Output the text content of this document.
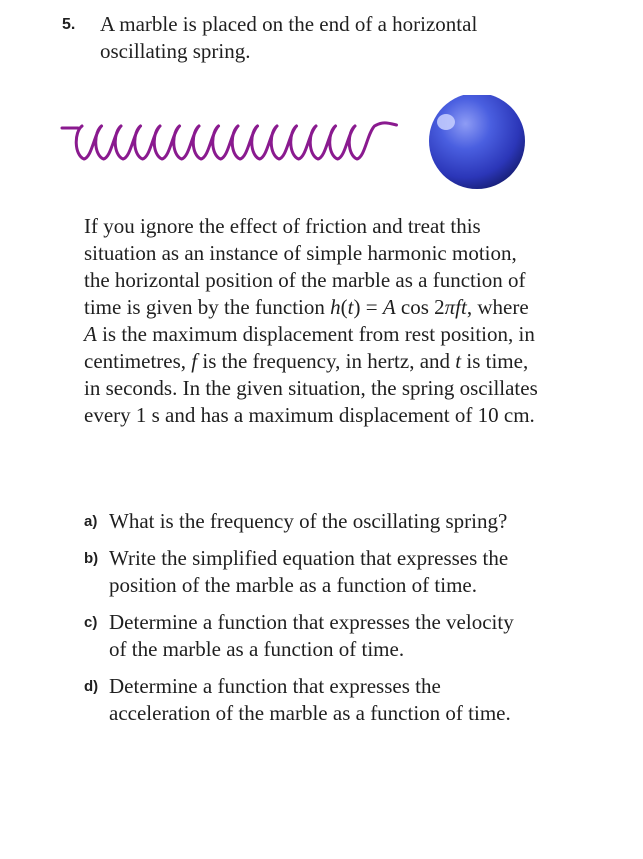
5. A marble is placed on the end of a horizontal oscillating spring.
If you ignore the effect of friction and treat this situation as an instance of simple harmonic motion, the horizontal position of the marble as a function of time is given by the function h(t) = A cos 2πft, where A is the maximum displacement from rest position, in centimetres, f is the frequency, in hertz, and t is time, in seconds. In the given situation, the spring oscillates every 1 s and has a maximum displacement of 10 cm.
a) What is the frequency of the oscillating spring?
b) Write the simplified equation that expresses the position of the marble as a function of time.
c) Determine a function that expresses the velocity of the marble as a function of time.
d) Determine a function that expresses the acceleration of the marble as a function of time.
